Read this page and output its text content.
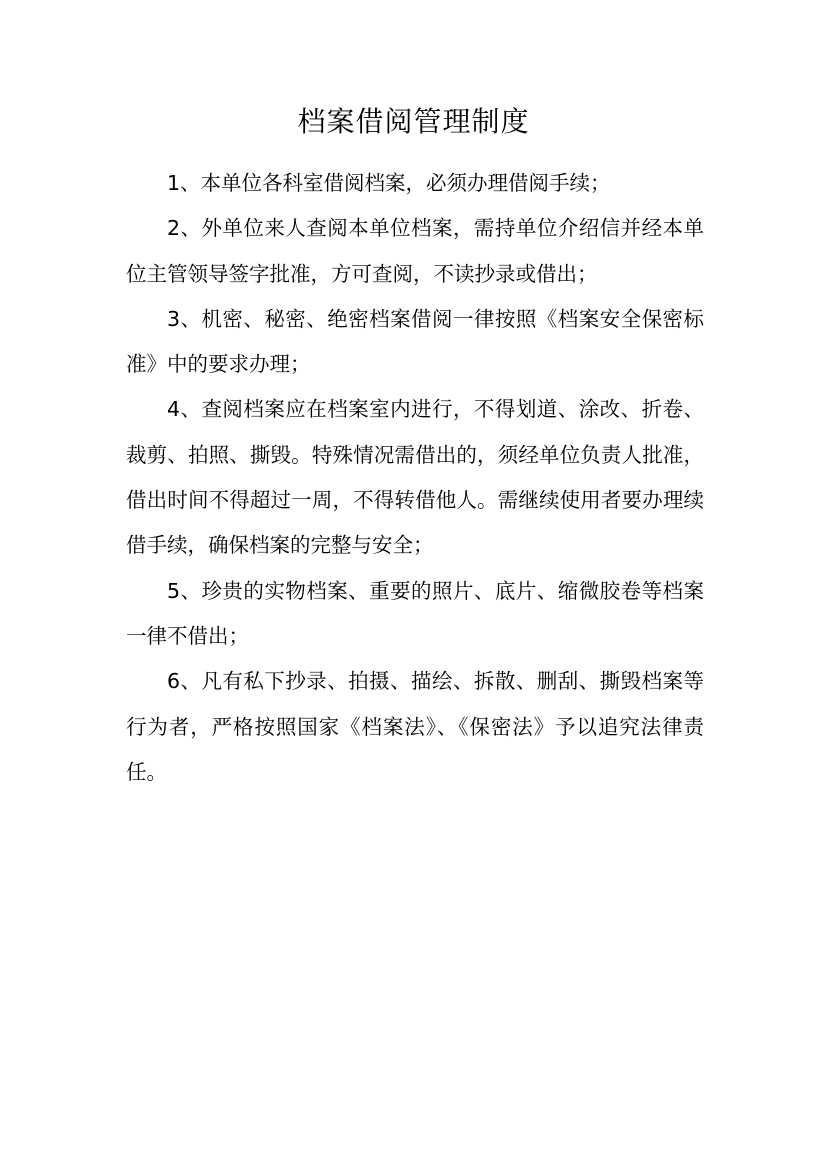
档案借阅管理制度

1、本单位各科室借阅档案，必须办理借阅手续；

2、外单位来人查阅本单位档案，需持单位介绍信并经本单位主管领导签字批准，方可查阅，不读抄录或借出；

3、机密、秘密、绝密档案借阅一律按照《档案安全保密标准》中的要求办理；

4、查阅档案应在档案室内进行，不得划道、涂改、折卷、裁剪、拍照、撕毁。特殊情况需借出的，须经单位负责人批准，借出时间不得超过一周，不得转借他人。需继续使用者要办理续借手续，确保档案的完整与安全；

5、珍贵的实物档案、重要的照片、底片、缩微胶卷等档案一律不借出；

6、凡有私下抄录、拍摄、描绘、拆散、删刮、撕毁档案等行为者，严格按照国家《档案法》、《保密法》予以追究法律责任。
